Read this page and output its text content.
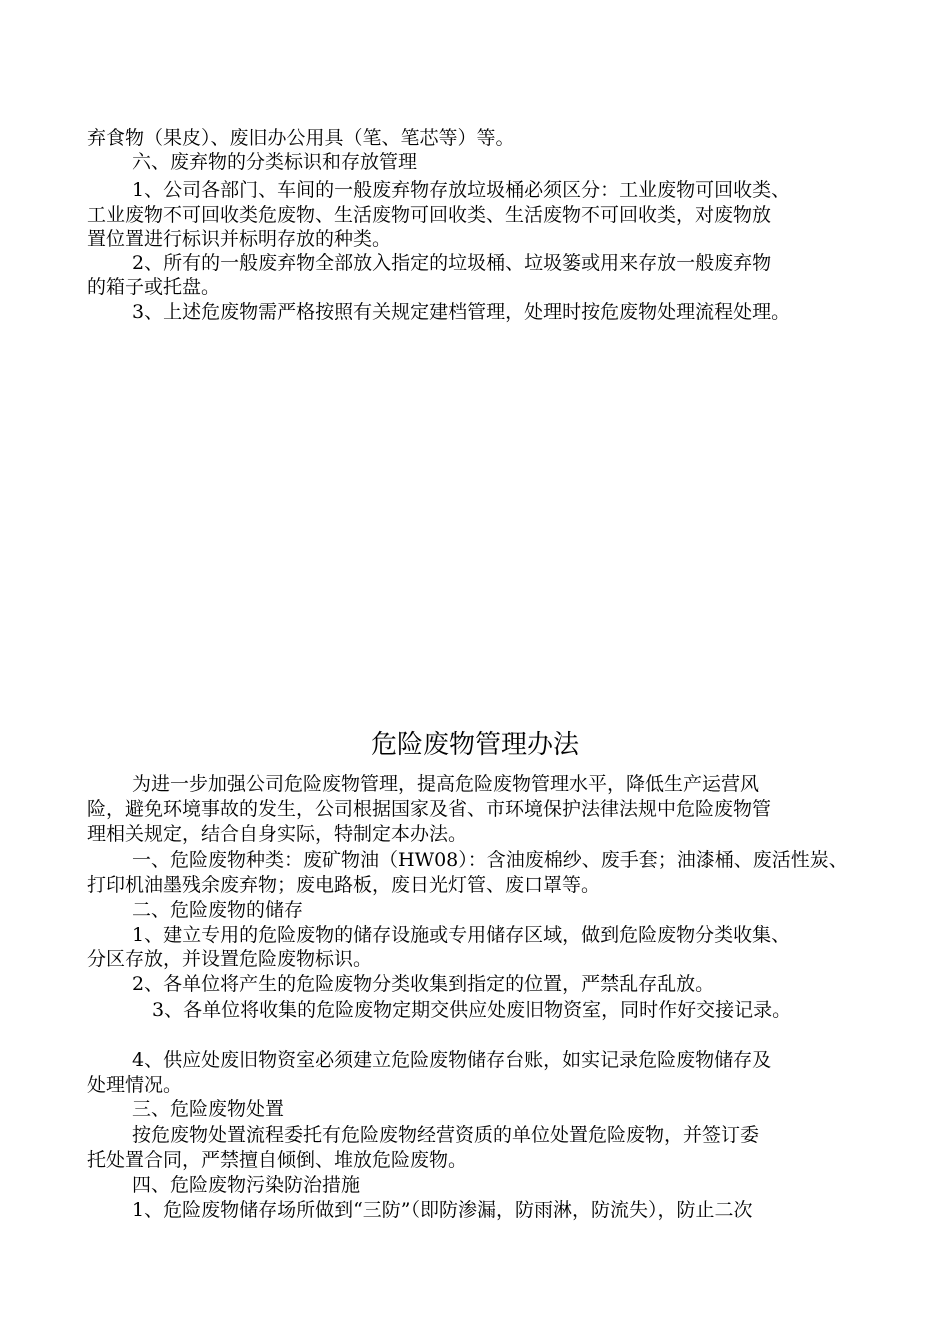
弃食物（果皮）、废旧办公用具（笔、笔芯等）等。
六、废弃物的分类标识和存放管理
1、公司各部门、车间的一般废弃物存放垃圾桶必须区分：工业废物可回收类、
工业废物不可回收类危废物、生活废物可回收类、生活废物不可回收类，对废物放
置位置进行标识并标明存放的种类。
2、所有的一般废弃物全部放入指定的垃圾桶、垃圾篓或用来存放一般废弃物
的箱子或托盘。
3、上述危废物需严格按照有关规定建档管理，处理时按危废物处理流程处理。
危险废物管理办法
为进一步加强公司危险废物管理，提高危险废物管理水平，降低生产运营风
险，避免环境事故的发生，公司根据国家及省、市环境保护法律法规中危险废物管
理相关规定，结合自身实际，特制定本办法。
一、危险废物种类：废矿物油（HW08）：含油废棉纱、废手套；油漆桶、废活性炭、
打印机油墨残余废弃物；废电路板，废日光灯管、废口罩等。
二、危险废物的储存
1、建立专用的危险废物的储存设施或专用储存区域，做到危险废物分类收集、
分区存放，并设置危险废物标识。
2、各单位将产生的危险废物分类收集到指定的位置，严禁乱存乱放。
3、各单位将收集的危险废物定期交供应处废旧物资室，同时作好交接记录。
4、供应处废旧物资室必须建立危险废物储存台账，如实记录危险废物储存及
处理情况。
三、危险废物处置
按危废物处置流程委托有危险废物经营资质的单位处置危险废物，并签订委
托处置合同，严禁擅自倾倒、堆放危险废物。
四、危险废物污染防治措施
1、危险废物储存场所做到“三防”（即防渗漏，防雨淋，防流失），防止二次
